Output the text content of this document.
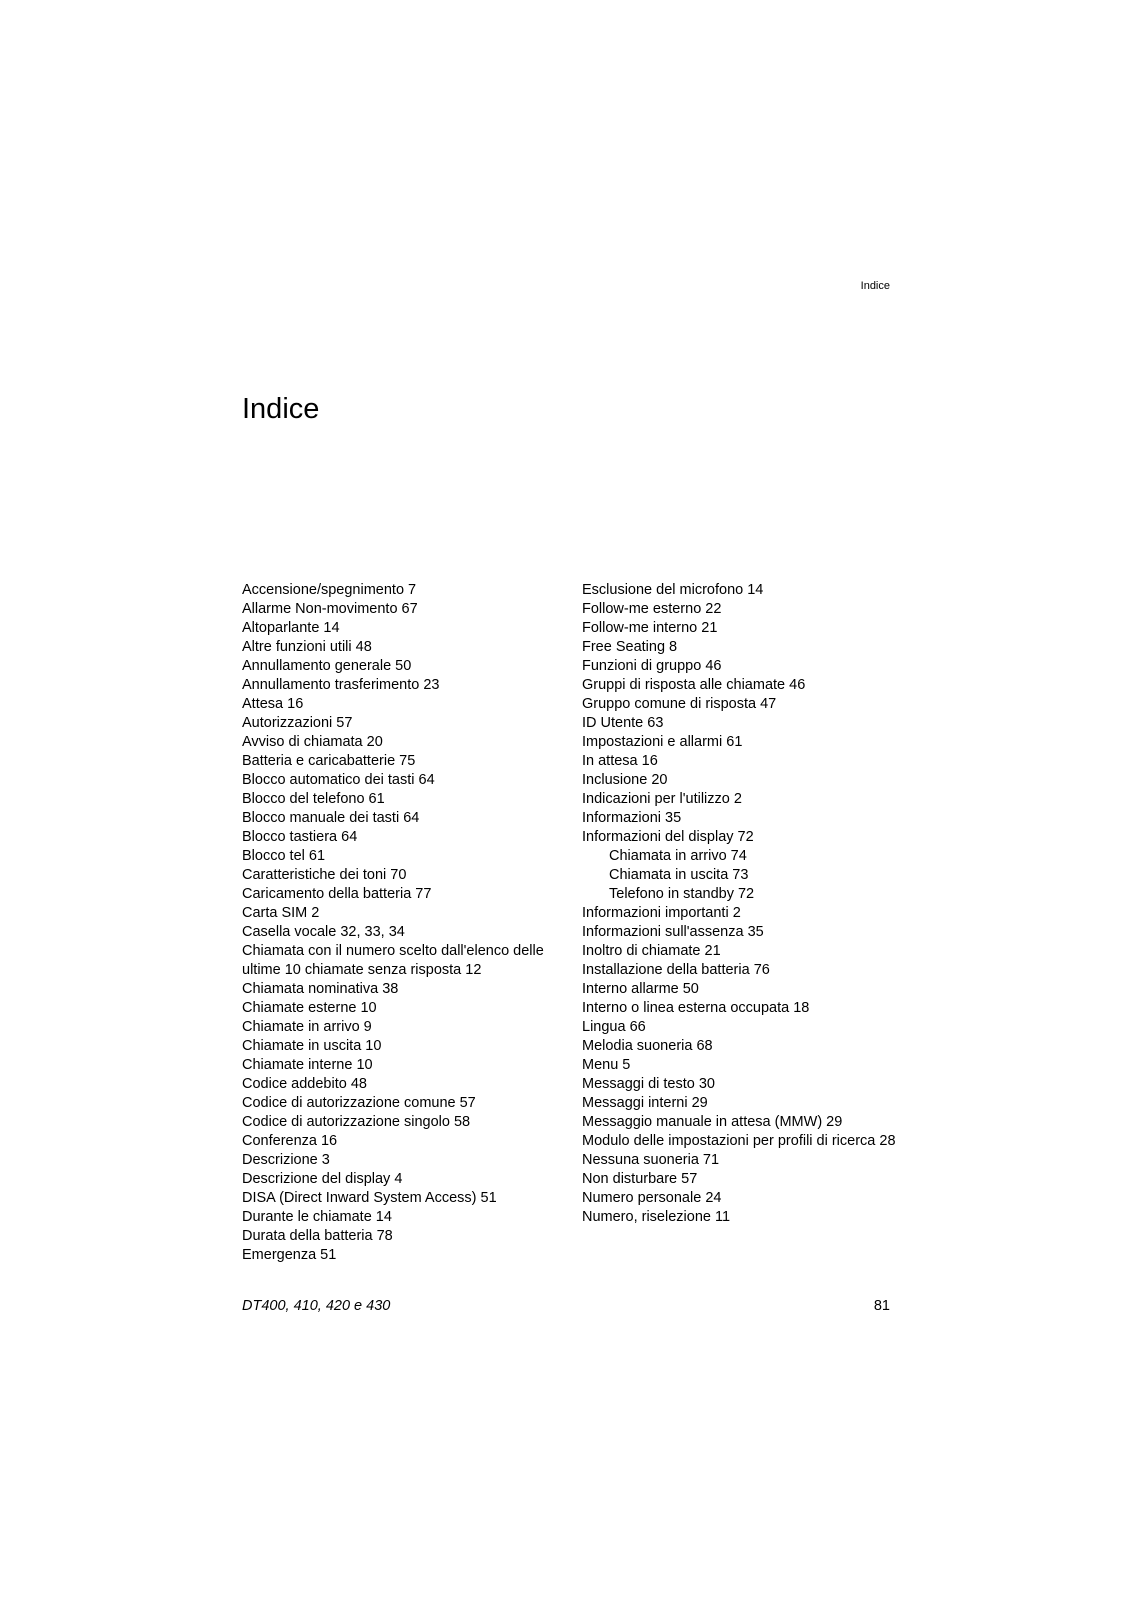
Indice
Indice
Accensione/spegnimento 7
Allarme Non-movimento 67
Altoparlante 14
Altre funzioni utili 48
Annullamento generale 50
Annullamento trasferimento 23
Attesa 16
Autorizzazioni 57
Avviso di chiamata 20
Batteria e caricabatterie 75
Blocco automatico dei tasti 64
Blocco del telefono 61
Blocco manuale dei tasti 64
Blocco tastiera 64
Blocco tel 61
Caratteristiche dei toni 70
Caricamento della batteria 77
Carta SIM 2
Casella vocale 32, 33, 34
Chiamata con il numero scelto dall'elenco delle ultime 10 chiamate senza risposta 12
Chiamata nominativa 38
Chiamate esterne 10
Chiamate in arrivo 9
Chiamate in uscita 10
Chiamate interne 10
Codice addebito 48
Codice di autorizzazione comune 57
Codice di autorizzazione singolo 58
Conferenza 16
Descrizione 3
Descrizione del display 4
DISA (Direct Inward System Access) 51
Durante le chiamate 14
Durata della batteria 78
Emergenza 51
Esclusione del microfono 14
Follow-me esterno 22
Follow-me interno 21
Free Seating 8
Funzioni di gruppo 46
Gruppi di risposta alle chiamate 46
Gruppo comune di risposta 47
ID Utente 63
Impostazioni e allarmi 61
In attesa 16
Inclusione 20
Indicazioni per l'utilizzo 2
Informazioni 35
Informazioni del display 72
Chiamata in arrivo 74
Chiamata in uscita 73
Telefono in standby 72
Informazioni importanti 2
Informazioni sull'assenza 35
Inoltro di chiamate 21
Installazione della batteria 76
Interno allarme 50
Interno o linea esterna occupata 18
Lingua 66
Melodia suoneria 68
Menu 5
Messaggi di testo 30
Messaggi interni 29
Messaggio manuale in attesa (MMW) 29
Modulo delle impostazioni per profili di ricerca 28
Nessuna suoneria 71
Non disturbare 57
Numero personale 24
Numero, riselezione 11
DT400, 410, 420 e 430	81
